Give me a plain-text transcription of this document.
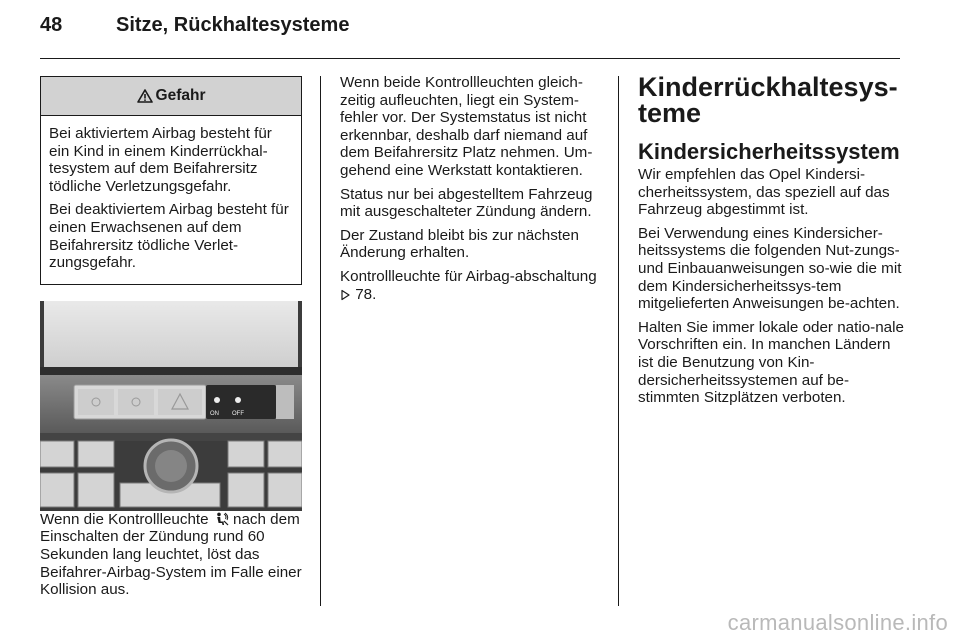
48	Sitze, Rückhaltesysteme
Gefahr

Bei aktiviertem Airbag besteht für ein Kind in einem Kinderrückhal-tesystem auf dem Beifahrersitz tödliche Verletzungsgefahr.

Bei deaktiviertem Airbag besteht für einen Erwachsenen auf dem Beifahrersitz tödliche Verlet-zungsgefahr.

ON OFF

Wenn die Kontrollleuchte  nach dem Einschalten der Zündung rund 60 Sekunden lang leuchtet, löst das Beifahrer-Airbag-System im Falle einer Kollision aus.

Wenn beide Kontrollleuchten gleich-zeitig aufleuchten, liegt ein System-fehler vor. Der Systemstatus ist nicht erkennbar, deshalb darf niemand auf dem Beifahrersitz Platz nehmen. Um-gehend eine Werkstatt kontaktieren.

Status nur bei abgestelltem Fahrzeug mit ausgeschalteter Zündung ändern.

Der Zustand bleibt bis zur nächsten Änderung erhalten.

Kontrollleuchte für Airbag-abschaltung  78.

Kinderrückhaltesys-teme
Kindersicherheitssystem

Wir empfehlen das Opel Kindersi-cherheitssystem, das speziell auf das Fahrzeug abgestimmt ist.

Bei Verwendung eines Kindersicher-heitssystems die folgenden Nut-zungs- und Einbauanweisungen so-wie die mit dem Kindersicherheitssys-tem mitgelieferten Anweisungen be-achten.

Halten Sie immer lokale oder natio-nale Vorschriften ein. In manchen Ländern ist die Benutzung von Kin-dersicherheitssystemen auf be-stimmten Sitzplätzen verboten.

carmanualsonline.info
